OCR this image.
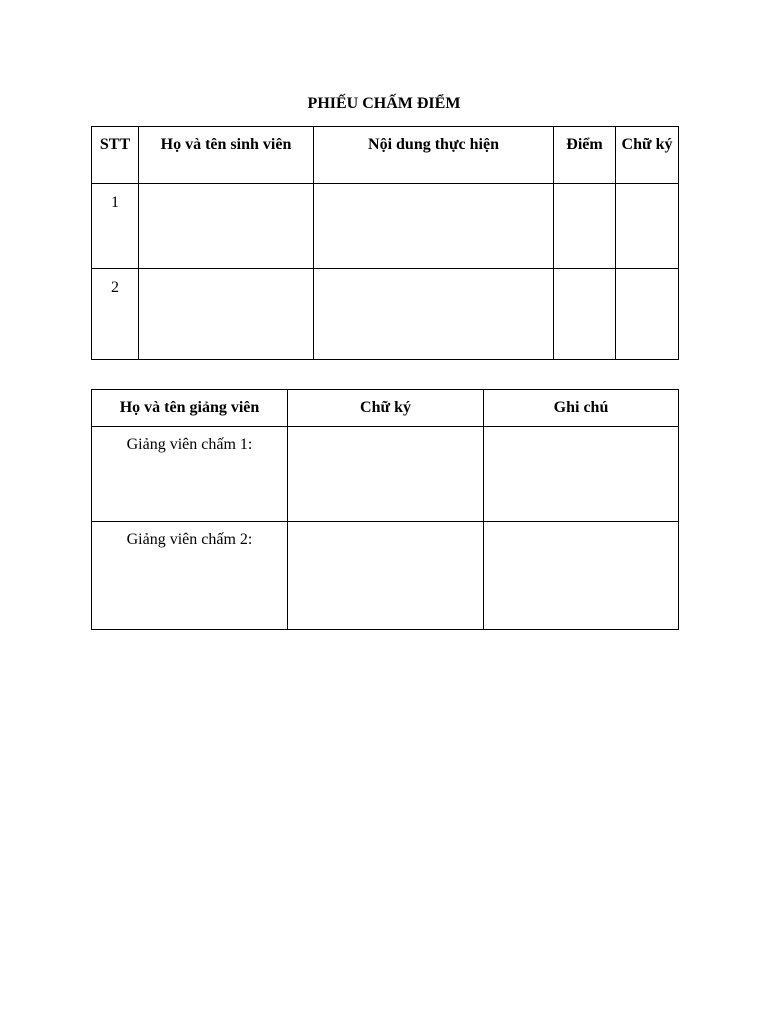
PHIẾU CHẤM ĐIỂM
STT	Họ và tên sinh viên	Nội dung thực hiện	Điểm	Chữ ký
1				
2				
Họ và tên giảng viên	Chữ ký	Ghi chú
Giảng viên chấm 1:		
Giảng viên chấm 2:		
